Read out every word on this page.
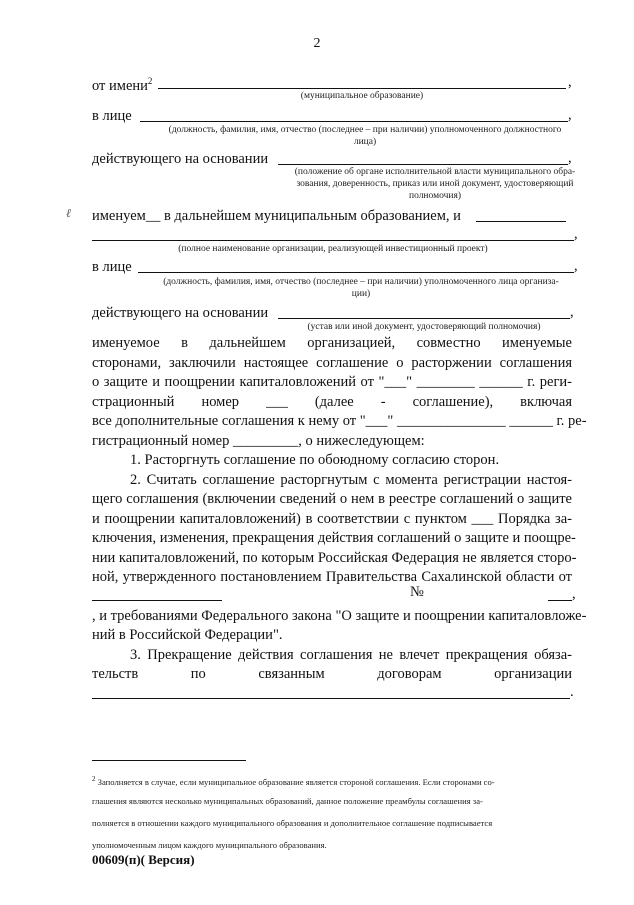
2
от имени$^2$	,
(муниципальное образование)
в лице	,
(должность, фамилия, имя, отчество (последнее – при наличии) уполномоченного должностного
лица)
действующего на основании	,
(положение об органе исполнительной власти муниципального обра-
зования, доверенность, приказ или иной документ, удостоверяющий
полномочия)
ℓ именуем__ в дальнейшем муниципальным образованием, и
,
(полное наименование организации, реализующей инвестиционный проект)
в лице	,
(должность, фамилия, имя, отчество (последнее – при наличии) уполномоченного лица организа-
ции)
действующего на основании	,
(устав или иной документ, удостоверяющий полномочия)
именуемое в дальнейшем организацией, совместно именуемые
сторонами, заключили настоящее соглашение о расторжении соглашения
о защите и поощрении капиталовложений от "___" ________ ______ г. реги-
страционный номер ___ (далее - соглашение), включая
все дополнительные соглашения к нему от "___" _______________ ______ г. ре-
гистрационный номер _________, о нижеследующем:
1. Расторгнуть соглашение по обоюдному согласию сторон.
2. Считать соглашение расторгнутым с момента регистрации настоя-
щего соглашения (включении сведений о нем в реестре соглашений о защите
и поощрении капиталовложений) в соответствии с пунктом ___ Порядка за-
ключения, изменения, прекращения действия соглашений о защите и поощре-
нии капиталовложений, по которым Российская Федерация не является сторо-
ной, утвержденного постановлением Правительства Сахалинской области от
№	,
, и требованиями Федерального закона "О защите и поощрении капиталовложе-
ний в Российской Федерации".
3. Прекращение действия соглашения не влечет прекращения обяза-
тельств по связанным договорам организации
.
$^2$ Заполняется в случае, если муниципальное образование является стороной соглашения. Если сторонами со-
глашения являются несколько муниципальных образований, данное положение преамбулы соглашения за-
полняется в отношении каждого муниципального образования и дополнительное соглашение подписывается
уполномоченным лицом каждого муниципального образования.
00609(п)( Версия)
